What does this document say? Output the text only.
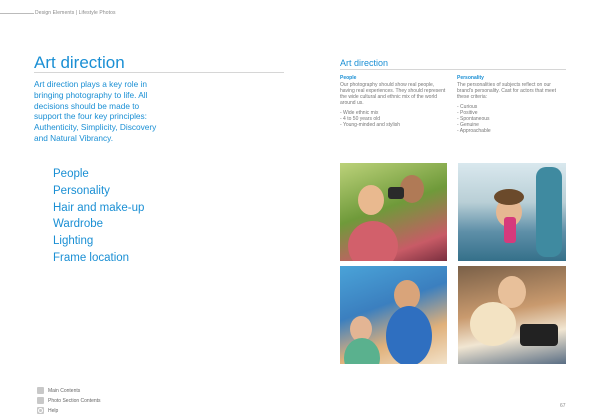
Design Elements | Lifestyle Photos
Art direction
Art direction plays a key role in bringing photography to life. All decisions should be made to support the four key principles: Authenticity, Simplicity, Discovery and Natural Vibrancy.
People
Personality
Hair and make-up
Wardrobe
Lighting
Frame location
Art direction
People

Our photography should show real people, having real experiences. They should represent the wide cultural and ethnic mix of the world around us.

- Wide ethnic mix
- 4 to 50 years old
- Young-minded and stylish
Personality

The personalities of subjects reflect on our brand's personality. Cast for actors that meet these criteria:

- Curious
- Positive
- Spontaneous
- Genuine
- Approachable
Main Contents
Photo Section Contents
Help
67
